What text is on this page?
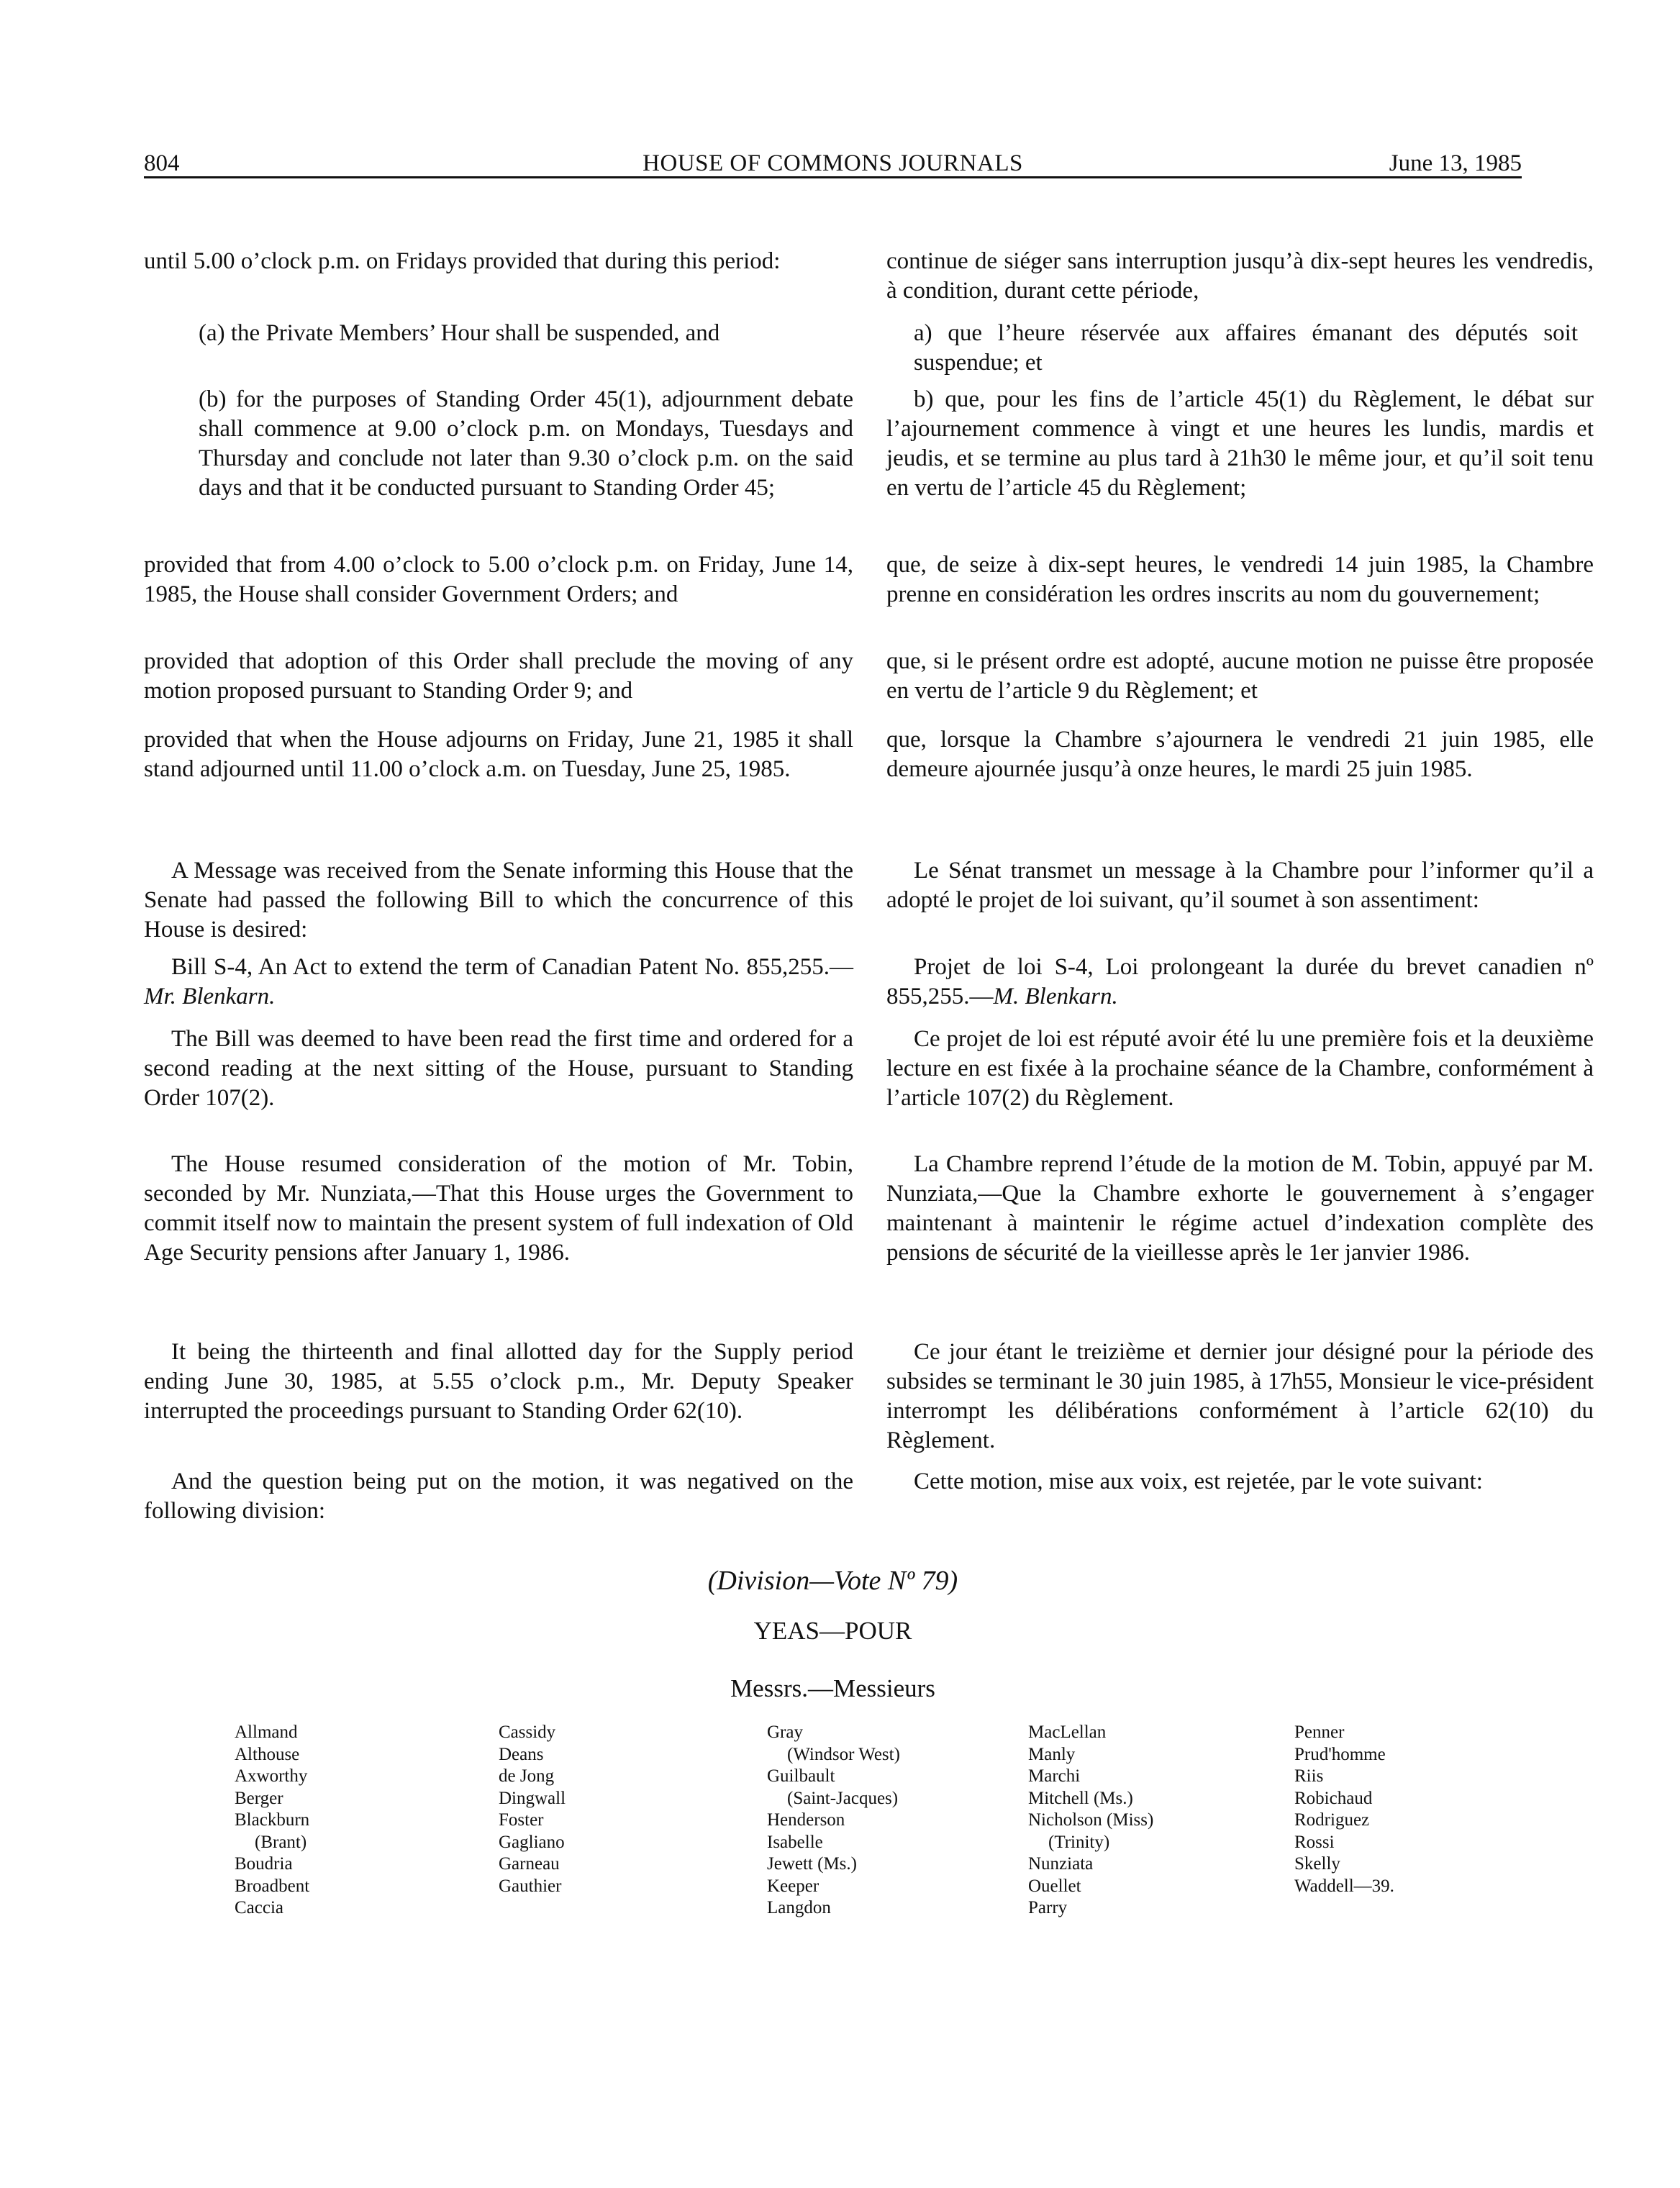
804	HOUSE OF COMMONS JOURNALS	June 13, 1985

until 5.00 o’clock p.m. on Fridays provided that during this period:

(a) the Private Members’ Hour shall be suspended, and

(b) for the purposes of Standing Order 45(1), adjournment debate shall commence at 9.00 o’clock p.m. on Mondays, Tuesdays and Thursday and conclude not later than 9.30 o’clock p.m. on the said days and that it be conducted pursuant to Standing Order 45;

provided that from 4.00 o’clock to 5.00 o’clock p.m. on Friday, June 14, 1985, the House shall consider Government Orders; and

provided that adoption of this Order shall preclude the moving of any motion proposed pursuant to Standing Order 9; and

provided that when the House adjourns on Friday, June 21, 1985 it shall stand adjourned until 11.00 o’clock a.m. on Tuesday, June 25, 1985.

A Message was received from the Senate informing this House that the Senate had passed the following Bill to which the concurrence of this House is desired:

Bill S-4, An Act to extend the term of Canadian Patent No. 855,255.—Mr. Blenkarn.

The Bill was deemed to have been read the first time and ordered for a second reading at the next sitting of the House, pursuant to Standing Order 107(2).

The House resumed consideration of the motion of Mr. Tobin, seconded by Mr. Nunziata,—That this House urges the Government to commit itself now to maintain the present system of full indexation of Old Age Security pensions after January 1, 1986.

It being the thirteenth and final allotted day for the Supply period ending June 30, 1985, at 5.55 o’clock p.m., Mr. Deputy Speaker interrupted the proceedings pursuant to Standing Order 62(10).

And the question being put on the motion, it was negatived on the following division:

continue de siéger sans interruption jusqu’à dix-sept heures les vendredis, à condition, durant cette période,

a) que l’heure réservée aux affaires émanant des députés soit suspendue; et

b) que, pour les fins de l’article 45(1) du Règlement, le débat sur l’ajournement commence à vingt et une heures les lundis, mardis et jeudis, et se termine au plus tard à 21h30 le même jour, et qu’il soit tenu en vertu de l’article 45 du Règlement;

que, de seize à dix-sept heures, le vendredi 14 juin 1985, la Chambre prenne en considération les ordres inscrits au nom du gouvernement;

que, si le présent ordre est adopté, aucune motion ne puisse être proposée en vertu de l’article 9 du Règlement; et

que, lorsque la Chambre s’ajournera le vendredi 21 juin 1985, elle demeure ajournée jusqu’à onze heures, le mardi 25 juin 1985.

Le Sénat transmet un message à la Chambre pour l’informer qu’il a adopté le projet de loi suivant, qu’il soumet à son assentiment:

Projet de loi S-4, Loi prolongeant la durée du brevet canadien nº 855,255.—M. Blenkarn.

Ce projet de loi est réputé avoir été lu une première fois et la deuxième lecture en est fixée à la prochaine séance de la Chambre, conformément à l’article 107(2) du Règlement.

La Chambre reprend l’étude de la motion de M. Tobin, appuyé par M. Nunziata,—Que la Chambre exhorte le gouvernement à s’engager maintenant à maintenir le régime actuel d’indexation complète des pensions de sécurité de la vieillesse après le 1er janvier 1986.

Ce jour étant le treizième et dernier jour désigné pour la période des subsides se terminant le 30 juin 1985, à 17h55, Monsieur le vice-président interrompt les délibérations conformément à l’article 62(10) du Règlement.

Cette motion, mise aux voix, est rejetée, par le vote suivant:

(Division—Vote Nº 79)
YEAS—POUR
Messrs.—Messieurs
Allmand
Althouse
Axworthy
Berger
Blackburn
(Brant)
Boudria
Broadbent
Caccia
Cassidy
Deans
de Jong
Dingwall
Foster
Gagliano
Garneau
Gauthier
Gray
(Windsor West)
Guilbault
(Saint-Jacques)
Henderson
Isabelle
Jewett (Ms.)
Keeper
Langdon
MacLellan
Manly
Marchi
Mitchell (Ms.)
Nicholson (Miss)
(Trinity)
Nunziata
Ouellet
Parry
Penner
Prud'homme
Riis
Robichaud
Rodriguez
Rossi
Skelly
Waddell—39.
